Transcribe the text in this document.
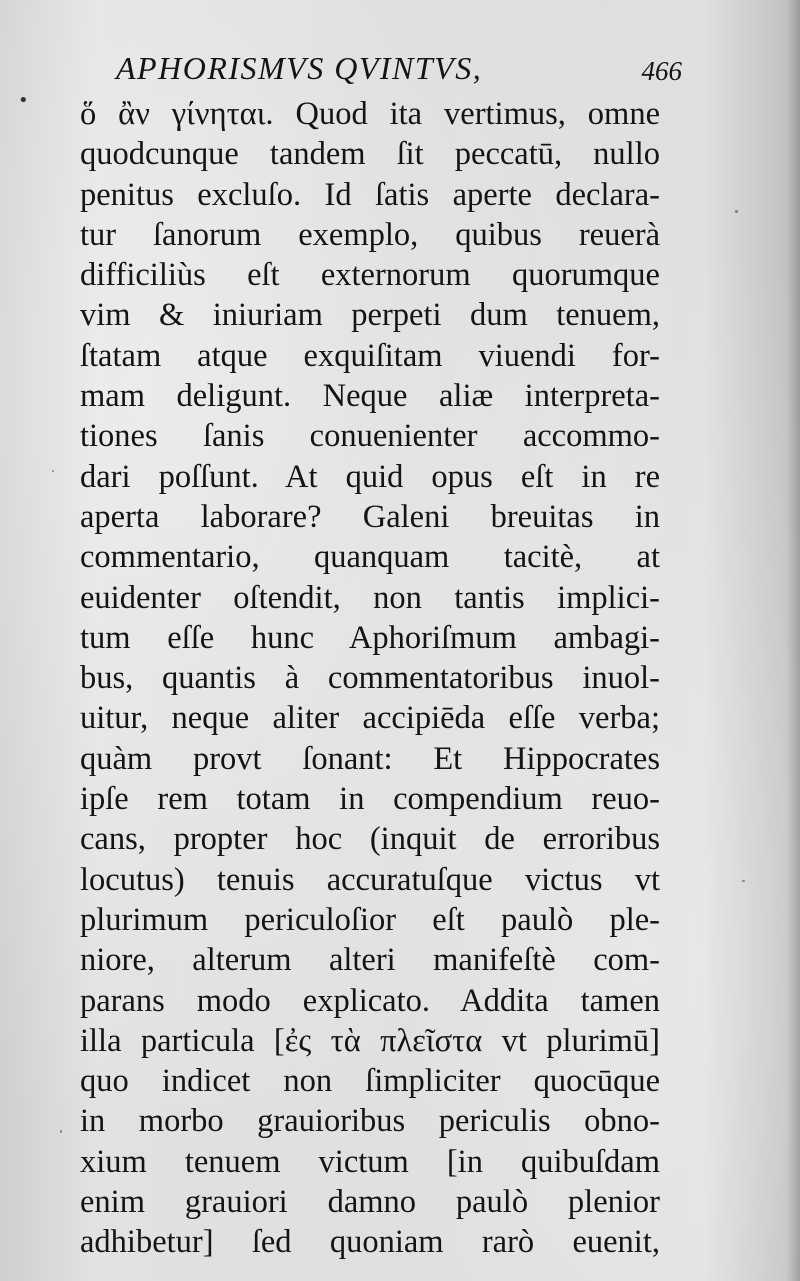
•
APHORISMVS QVINTVS,	466
ὅ ἂν γίνηται. Quod ita vertimus, omne
quodcunque tandem ſit peccatū, nullo
penitus excluſo. Id ſatis aperte declara-
tur ſanorum exemplo, quibus reuerà
difficiliùs eſt externorum quorumque
vim & iniuriam perpeti dum tenuem,
ſtatam atque exquiſitam viuendi for-
mam deligunt. Neque aliæ interpreta-
tiones ſanis conuenienter accommo-
dari poſſunt. At quid opus eſt in re
aperta laborare? Galeni breuitas in
commentario, quanquam tacitè, at
euidenter oſtendit, non tantis implici-
tum eſſe hunc Aphoriſmum ambagi-
bus, quantis à commentatoribus inuol-
uitur, neque aliter accipiēda eſſe verba;
quàm provt ſonant: Et Hippocrates
ipſe rem totam in compendium reuo-
cans, propter hoc (inquit de erroribus
locutus) tenuis accuratuſque victus vt
plurimum periculoſior eſt paulò ple-
niore, alterum alteri manifeſtè com-
parans modo explicato. Addita tamen
illa particula [ἐς τὰ πλεῖστα vt plurimū]
quo indicet non ſimpliciter quocūque
in morbo grauioribus periculis obno-
xium tenuem victum [in quibuſdam
enim grauiori damno paulò plenior
adhibetur] ſed quoniam rarò euenit,
